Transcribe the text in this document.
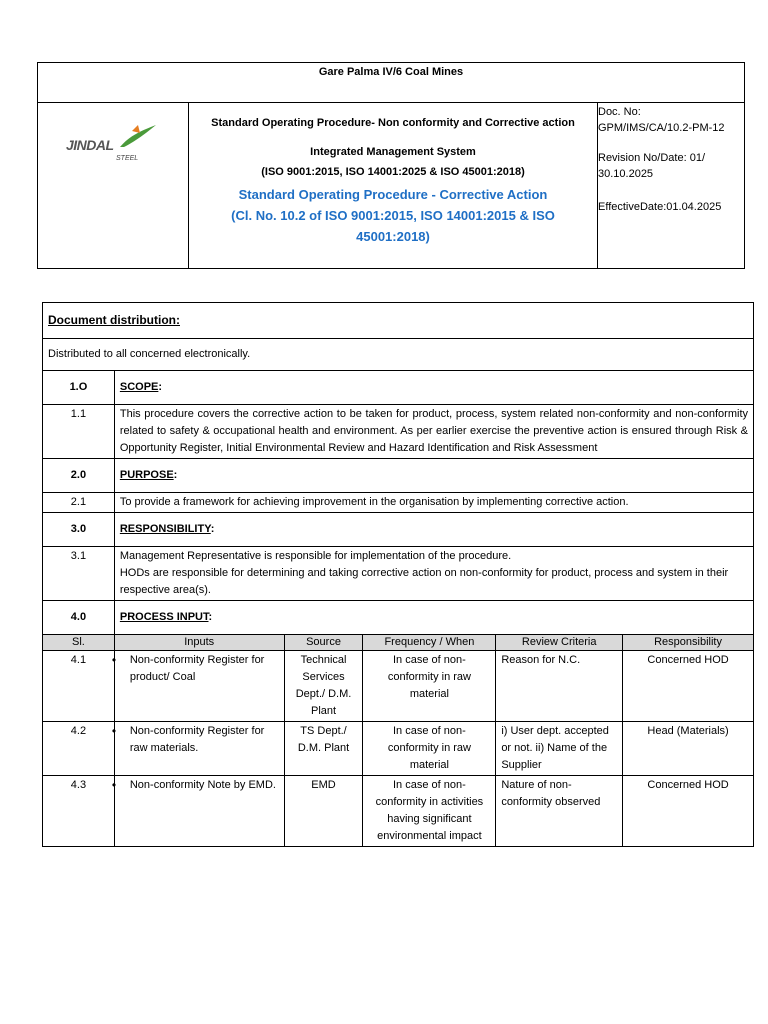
Gare Palma IV/6 Coal Mines

JINDAL
STEEL

Standard Operating Procedure- Non conformity and Corrective action
Integrated Management System
(ISO 9001:2015, ISO 14001:2025 & ISO 45001:2018)
Standard Operating Procedure - Corrective Action
(Cl. No. 10.2 of ISO 9001:2015, ISO 14001:2015 & ISO 45001:2018)

Doc. No:
GPM/IMS/CA/10.2-PM-12
Revision No/Date: 01/ 30.10.2025
EffectiveDate:01.04.2025
Document distribution:					
Distributed to all concerned electronically.					
1.O	SCOPE:				
1.1	This procedure covers the corrective action to be taken for product, process, system related non-conformity and non-conformity related to safety & occupational health and environment. As per earlier exercise the preventive action is ensured through Risk & Opportunity Register, Initial Environmental Review and Hazard Identification and Risk Assessment				
2.0	PURPOSE:				
2.1	To provide a framework for achieving improvement in the organisation by implementing corrective action.				
3.0	RESPONSIBILITY:				
3.1	Management Representative is responsible for implementation of the procedure.
HODs are responsible for determining and taking corrective action on non-conformity for product, process and system in their respective area(s).				

4.0	PROCESS INPUT:				
Sl.	Inputs	Source	Frequency / When	Review Criteria	Responsibility
4.1	• Non-conformity Register for product/ Coal	Technical Services Dept./ D.M. Plant	In case of non-conformity in raw material	Reason for N.C.	Concerned HOD
4.2	• Non-conformity Register for raw materials.	TS Dept./ D.M. Plant	In case of non-conformity in raw material	i) User dept. accepted or not. ii) Name of the Supplier	Head (Materials)
4.3	• Non-conformity Note by EMD.	EMD	In case of non-conformity in activities having significant environmental impact	Nature of non-conformity observed	Concerned HOD
